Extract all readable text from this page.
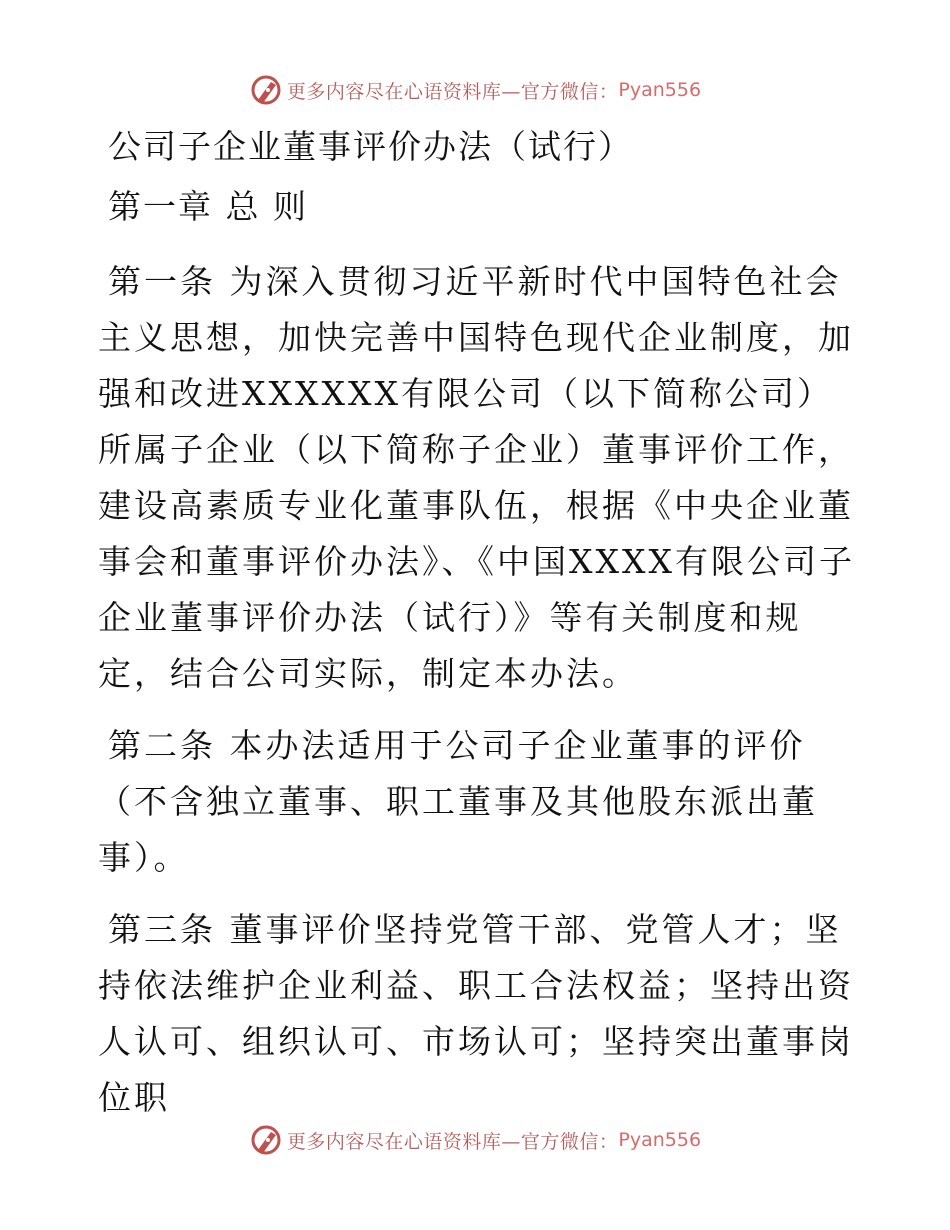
更多内容尽在心语资料库—官方微信： Pyan556
公司子企业董事评价办法（试行）
第一章 总 则

第一条 为深入贯彻习近平新时代中国特色社会主义思想，加快完善中国特色现代企业制度，加强和改进XXXXXX有限公司（以下简称公司）所属子企业（以下简称子企业）董事评价工作，建设高素质专业化董事队伍，根据《中央企业董事会和董事评价办法》、《中国XXXX有限公司子企业董事评价办法（试行）》等有关制度和规定，结合公司实际，制定本办法。

第二条 本办法适用于公司子企业董事的评价（不含独立董事、职工董事及其他股东派出董事）。

第三条 董事评价坚持党管干部、党管人才；坚持依法维护企业利益、职工合法权益；坚持出资人认可、组织认可、市场认可；坚持突出董事岗位职

更多内容尽在心语资料库—官方微信： Pyan556
